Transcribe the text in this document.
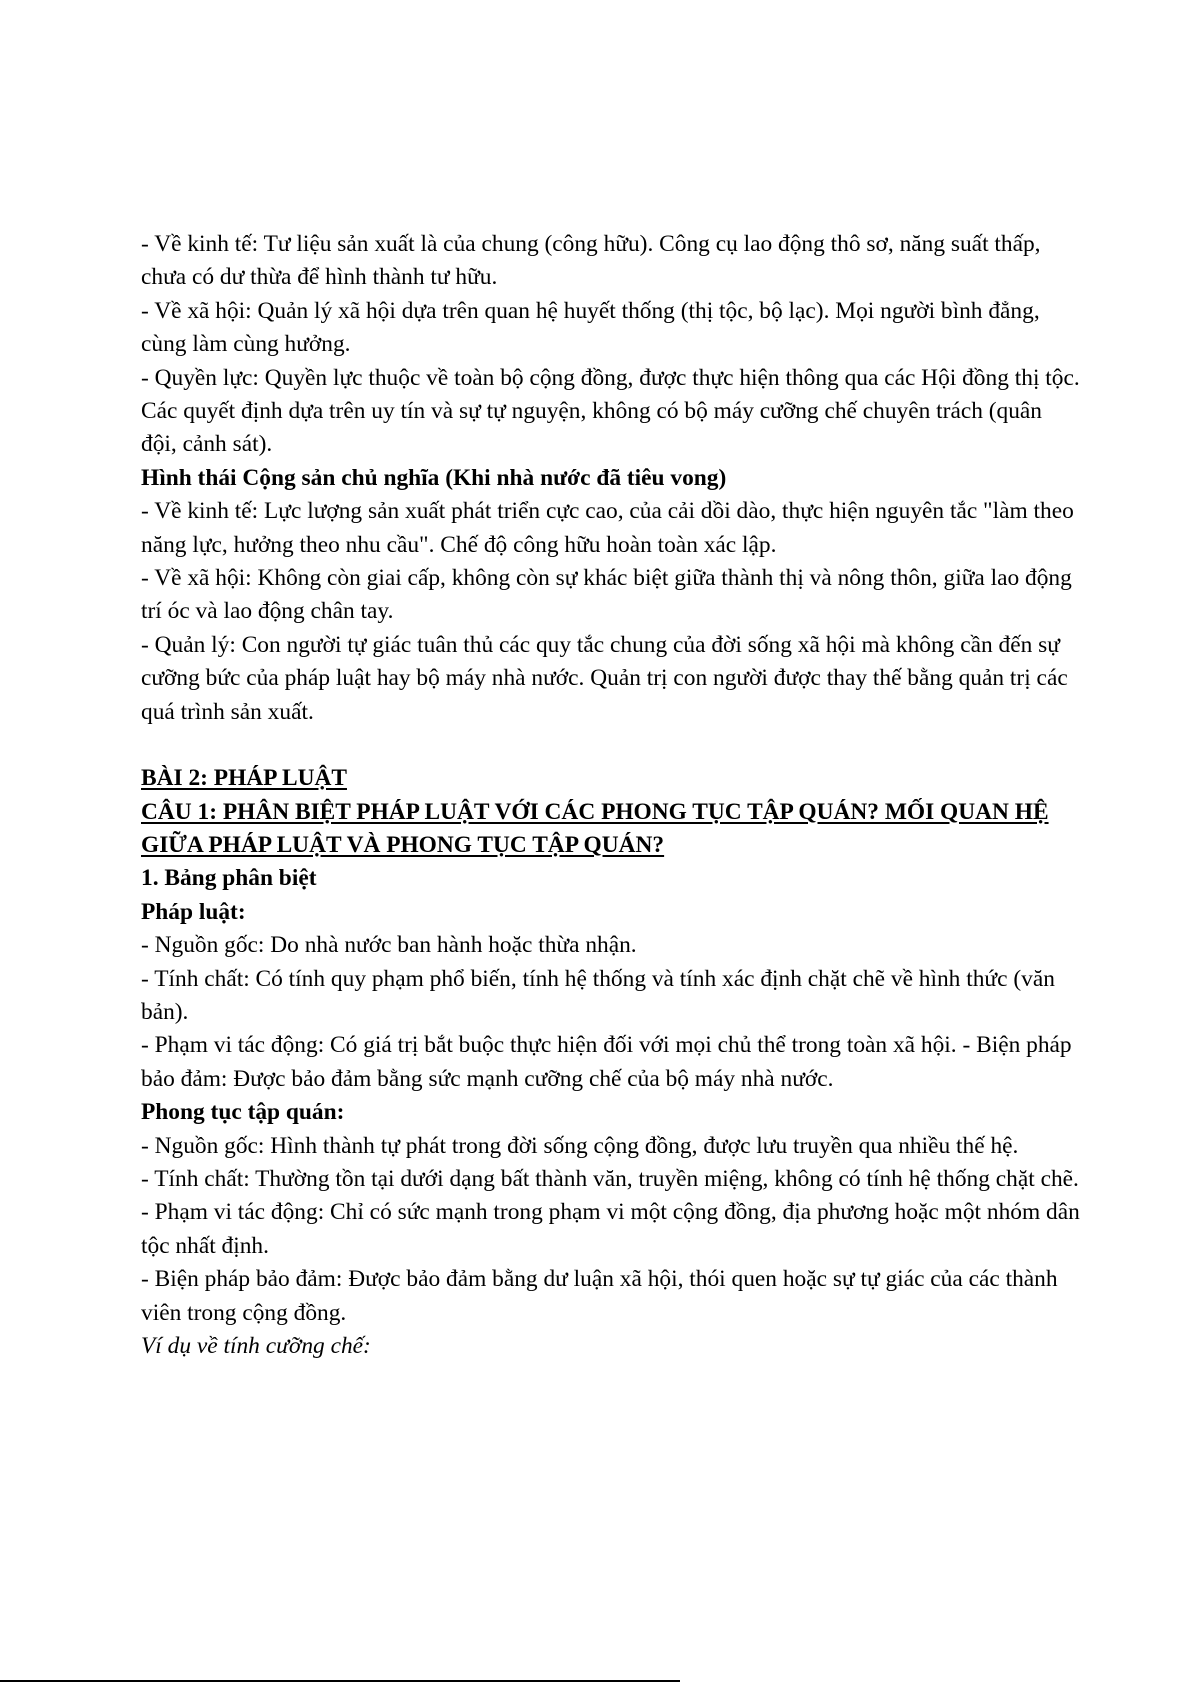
- Về kinh tế: Tư liệu sản xuất là của chung (công hữu). Công cụ lao động thô sơ, năng suất thấp, chưa có dư thừa để hình thành tư hữu.

- Về xã hội: Quản lý xã hội dựa trên quan hệ huyết thống (thị tộc, bộ lạc). Mọi người bình đẳng, cùng làm cùng hưởng.

- Quyền lực: Quyền lực thuộc về toàn bộ cộng đồng, được thực hiện thông qua các Hội đồng thị tộc. Các quyết định dựa trên uy tín và sự tự nguyện, không có bộ máy cưỡng chế chuyên trách (quân đội, cảnh sát).

Hình thái Cộng sản chủ nghĩa (Khi nhà nước đã tiêu vong)

- Về kinh tế: Lực lượng sản xuất phát triển cực cao, của cải dồi dào, thực hiện nguyên tắc "làm theo năng lực, hưởng theo nhu cầu". Chế độ công hữu hoàn toàn xác lập.

- Về xã hội: Không còn giai cấp, không còn sự khác biệt giữa thành thị và nông thôn, giữa lao động trí óc và lao động chân tay.

- Quản lý: Con người tự giác tuân thủ các quy tắc chung của đời sống xã hội mà không cần đến sự cưỡng bức của pháp luật hay bộ máy nhà nước. Quản trị con người được thay thế bằng quản trị các quá trình sản xuất.

BÀI 2: PHÁP LUẬT

CÂU 1: PHÂN BIỆT PHÁP LUẬT VỚI CÁC PHONG TỤC TẬP QUÁN? MỐI QUAN HỆ GIỮA PHÁP LUẬT VÀ PHONG TỤC TẬP QUÁN?

1. Bảng phân biệt

Pháp luật:

- Nguồn gốc: Do nhà nước ban hành hoặc thừa nhận.

- Tính chất: Có tính quy phạm phổ biến, tính hệ thống và tính xác định chặt chẽ về hình thức (văn bản).

- Phạm vi tác động: Có giá trị bắt buộc thực hiện đối với mọi chủ thể trong toàn xã hội. - Biện pháp bảo đảm: Được bảo đảm bằng sức mạnh cưỡng chế của bộ máy nhà nước.

Phong tục tập quán:

- Nguồn gốc: Hình thành tự phát trong đời sống cộng đồng, được lưu truyền qua nhiều thế hệ.

- Tính chất: Thường tồn tại dưới dạng bất thành văn, truyền miệng, không có tính hệ thống chặt chẽ.

- Phạm vi tác động: Chỉ có sức mạnh trong phạm vi một cộng đồng, địa phương hoặc một nhóm dân tộc nhất định.

- Biện pháp bảo đảm: Được bảo đảm bằng dư luận xã hội, thói quen hoặc sự tự giác của các thành viên trong cộng đồng.

Ví dụ về tính cưỡng chế:
